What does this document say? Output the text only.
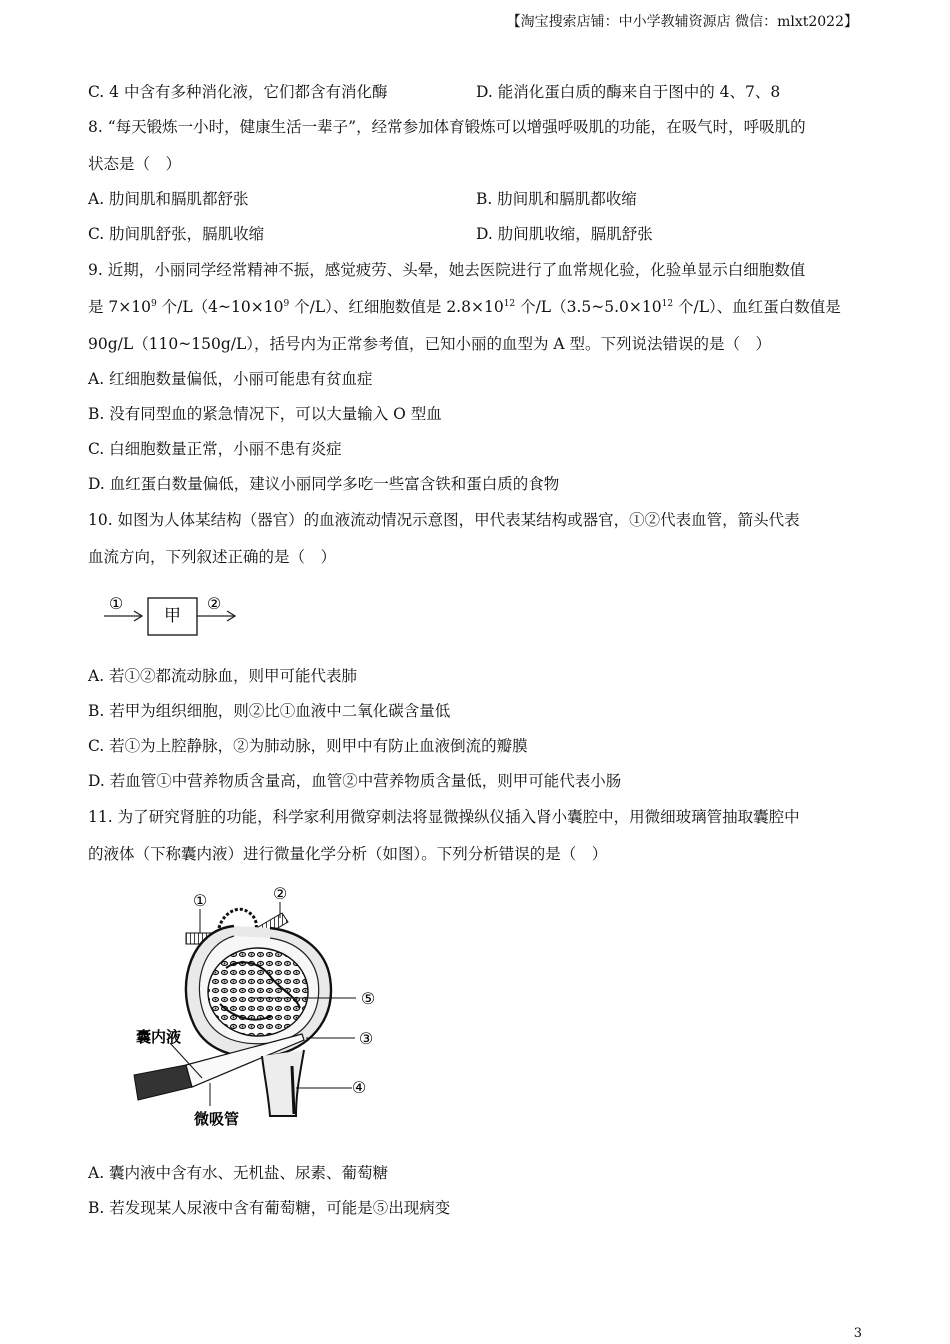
【淘宝搜索店铺：中小学教辅资源店 微信：mlxt2022】
C. 4 中含有多种消化液，它们都含有消化酶	D. 能消化蛋白质的酶来自于图中的 4、7、8
8. “每天锻炼一小时，健康生活一辈子”，经常参加体育锻炼可以增强呼吸肌的功能，在吸气时，呼吸肌的
状态是（　）
A. 肋间肌和膈肌都舒张	B. 肋间肌和膈肌都收缩
C. 肋间肌舒张，膈肌收缩	D. 肋间肌收缩，膈肌舒张
9. 近期，小丽同学经常精神不振，感觉疲劳、头晕，她去医院进行了血常规化验，化验单显示白细胞数值
是 $7\times 10^9$ 个$/L(4\sim 10\times 10^9$ 个/L）、红细胞数值是 $2.8\times 10^{12}$ 个$/L(3.5\sim 5.0\times 10^{12}$ 个/L）、血红蛋白数值是
90g/L（110~150g/L），括号内为正常参考值，已知小丽的血型为 A 型。下列说法错误的是（　）
A. 红细胞数量偏低，小丽可能患有贫血症
B. 没有同型血的紧急情况下，可以大量输入 O 型血
C. 白细胞数量正常，小丽不患有炎症
D. 血红蛋白数量偏低，建议小丽同学多吃一些富含铁和蛋白质的食物
10. 如图为人体某结构（器官）的血液流动情况示意图，甲代表某结构或器官，①②代表血管，箭头代表
血流方向，下列叙述正确的是（　）
①
甲
②
A. 若①②都流动脉血，则甲可能代表肺
B. 若甲为组织细胞，则②比①血液中二氧化碳含量低
C. 若①为上腔静脉，②为肺动脉，则甲中有防止血液倒流的瓣膜
D. 若血管①中营养物质含量高，血管②中营养物质含量低，则甲可能代表小肠
11. 为了研究肾脏的功能，科学家利用微穿刺法将显微操纵仪插入肾小囊腔中，用微细玻璃管抽取囊腔中
的液体（下称囊内液）进行微量化学分析（如图）。下列分析错误的是（　）
①	②
⑤
③
④
囊内液
微吸管
A. 囊内液中含有水、无机盐、尿素、葡萄糖
B. 若发现某人尿液中含有葡萄糖，可能是⑤出现病变
3
